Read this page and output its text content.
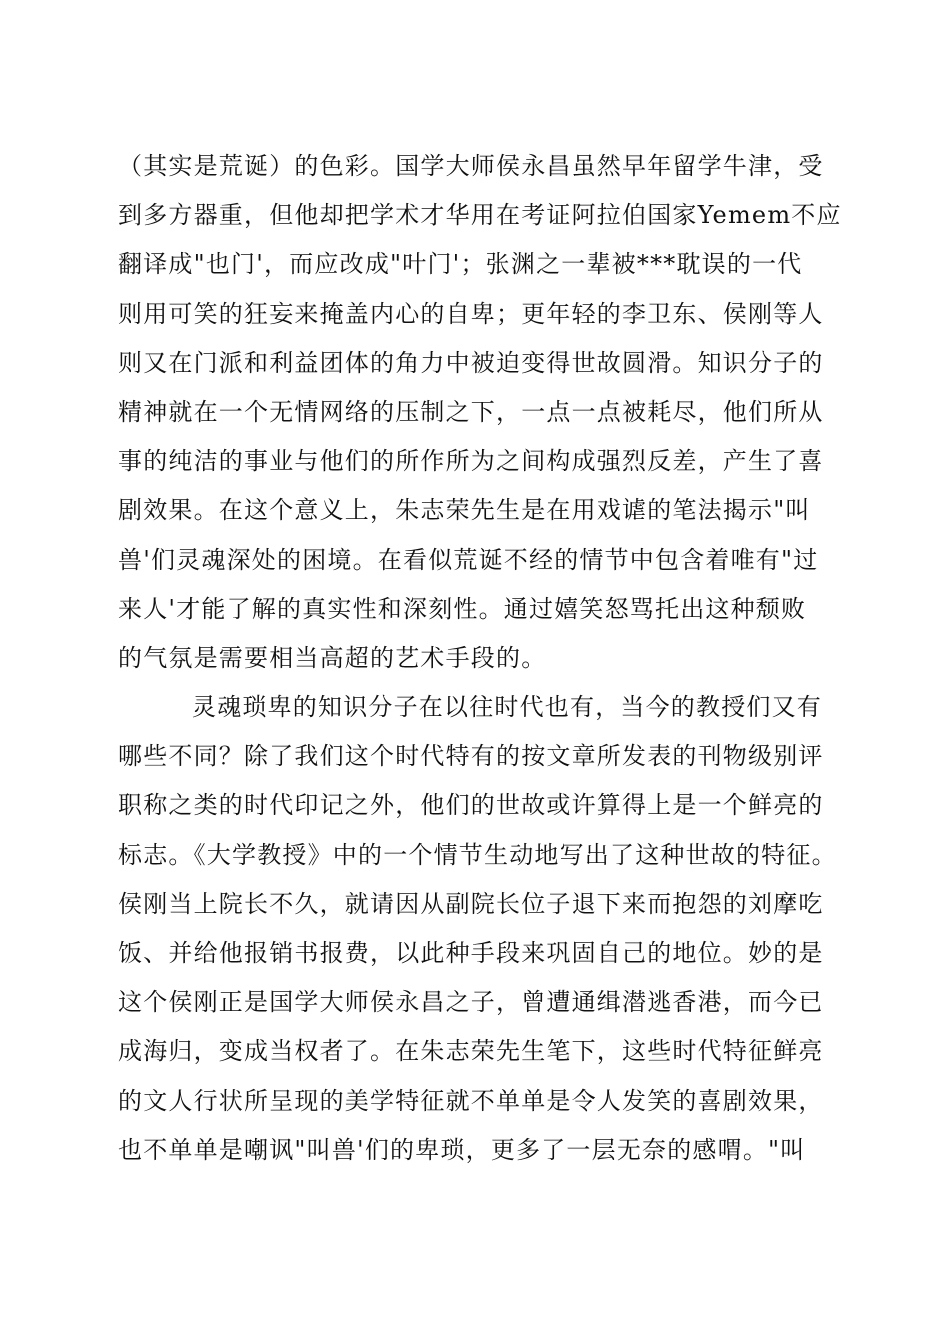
（其实是荒诞）的色彩。国学大师侯永昌虽然早年留学牛津，受
到多方器重，但他却把学术才华用在考证阿拉伯国家Yemem不应
翻译成"也门'，而应改成"叶门'；张渊之一辈被***耽误的一代
则用可笑的狂妄来掩盖内心的自卑；更年轻的李卫东、侯刚等人
则又在门派和利益团体的角力中被迫变得世故圆滑。知识分子的
精神就在一个无情网络的压制之下，一点一点被耗尽，他们所从
事的纯洁的事业与他们的所作所为之间构成强烈反差，产生了喜
剧效果。在这个意义上，朱志荣先生是在用戏谑的笔法揭示"叫
兽'们灵魂深处的困境。在看似荒诞不经的情节中包含着唯有"过
来人'才能了解的真实性和深刻性。通过嬉笑怒骂托出这种颓败
的气氛是需要相当高超的艺术手段的。
灵魂琐卑的知识分子在以往时代也有，当今的教授们又有
哪些不同？除了我们这个时代特有的按文章所发表的刊物级别评
职称之类的时代印记之外，他们的世故或许算得上是一个鲜亮的
标志。《大学教授》中的一个情节生动地写出了这种世故的特征。
侯刚当上院长不久，就请因从副院长位子退下来而抱怨的刘摩吃
饭、并给他报销书报费，以此种手段来巩固自己的地位。妙的是
这个侯刚正是国学大师侯永昌之子，曾遭通缉潜逃香港，而今已
成海归，变成当权者了。在朱志荣先生笔下，这些时代特征鲜亮
的文人行状所呈现的美学特征就不单单是令人发笑的喜剧效果，
也不单单是嘲讽"叫兽'们的卑琐，更多了一层无奈的感喟。"叫
